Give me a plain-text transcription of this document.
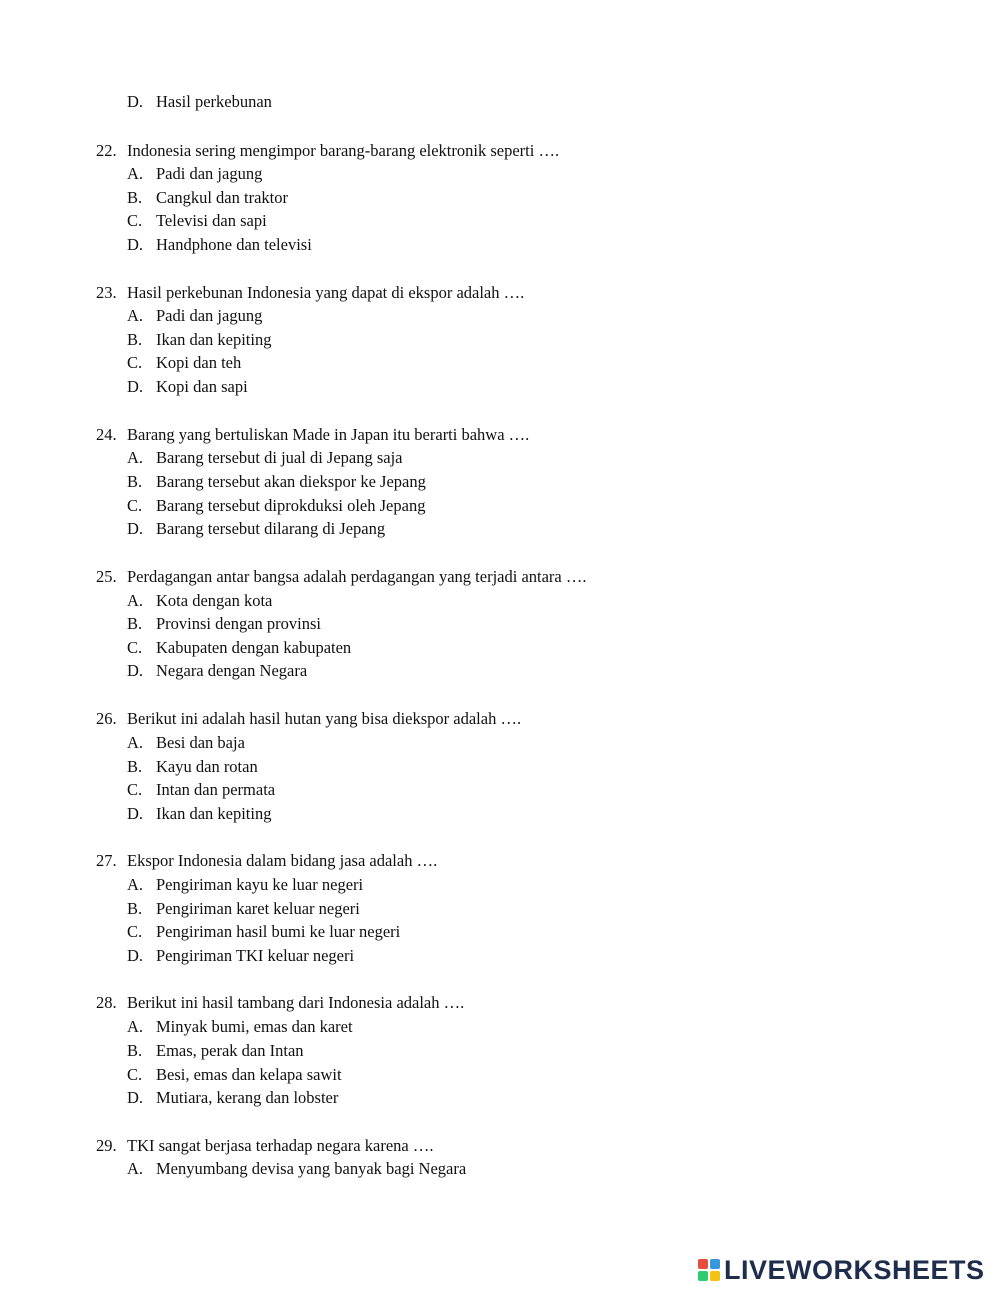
D. Hasil perkebunan
22. Indonesia sering mengimpor barang-barang elektronik seperti ….
A. Padi dan jagung
B. Cangkul dan traktor
C. Televisi dan sapi
D. Handphone dan televisi
23. Hasil perkebunan Indonesia yang dapat di ekspor adalah ….
A. Padi dan jagung
B. Ikan dan kepiting
C. Kopi dan teh
D. Kopi dan sapi
24. Barang yang bertuliskan Made in Japan itu berarti bahwa ….
A. Barang tersebut di jual di Jepang saja
B. Barang tersebut akan diekspor ke Jepang
C. Barang tersebut diprokduksi oleh Jepang
D. Barang tersebut dilarang di Jepang
25. Perdagangan antar bangsa adalah perdagangan yang terjadi antara ….
A. Kota dengan kota
B. Provinsi dengan provinsi
C. Kabupaten dengan kabupaten
D. Negara dengan Negara
26. Berikut ini adalah hasil hutan yang bisa diekspor adalah ….
A. Besi dan baja
B. Kayu dan rotan
C. Intan dan permata
D. Ikan dan kepiting
27. Ekspor Indonesia dalam bidang jasa adalah ….
A. Pengiriman kayu ke luar negeri
B. Pengiriman karet keluar negeri
C. Pengiriman hasil bumi ke luar negeri
D. Pengiriman TKI keluar negeri
28. Berikut ini hasil tambang dari Indonesia adalah ….
A. Minyak bumi, emas dan karet
B. Emas, perak dan Intan
C. Besi, emas dan kelapa sawit
D. Mutiara, kerang dan lobster
29. TKI sangat berjasa terhadap negara karena ….
A. Menyumbang devisa yang banyak bagi Negara
LIVEWORKSHEETS
